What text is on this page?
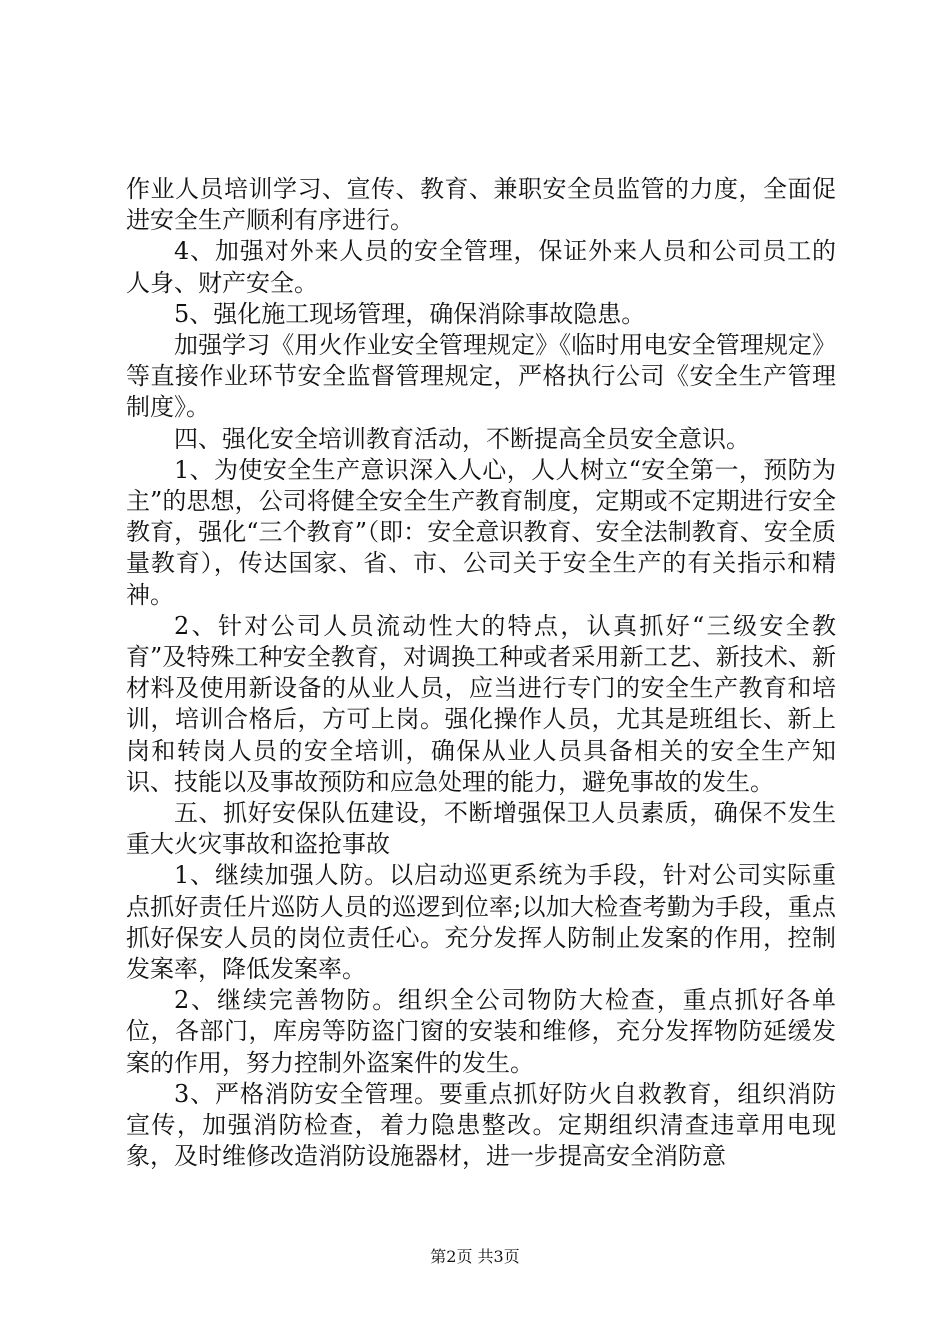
作业人员培训学习、宣传、教育、兼职安全员监管的力度，全面促进安全生产顺利有序进行。

4、加强对外来人员的安全管理，保证外来人员和公司员工的人身、财产安全。

5、强化施工现场管理，确保消除事故隐患。

加强学习《用火作业安全管理规定》《临时用电安全管理规定》等直接作业环节安全监督管理规定，严格执行公司《安全生产管理制度》。

四、强化安全培训教育活动，不断提高全员安全意识。

1、为使安全生产意识深入人心，人人树立“安全第一，预防为主”的思想，公司将健全安全生产教育制度，定期或不定期进行安全教育，强化“三个教育”（即：安全意识教育、安全法制教育、安全质量教育），传达国家、省、市、公司关于安全生产的有关指示和精神。

2、针对公司人员流动性大的特点，认真抓好“三级安全教育”及特殊工种安全教育，对调换工种或者采用新工艺、新技术、新材料及使用新设备的从业人员，应当进行专门的安全生产教育和培训，培训合格后，方可上岗。强化操作人员，尤其是班组长、新上岗和转岗人员的安全培训，确保从业人员具备相关的安全生产知识、技能以及事故预防和应急处理的能力，避免事故的发生。

五、抓好安保队伍建设，不断增强保卫人员素质，确保不发生重大火灾事故和盗抢事故

1、继续加强人防。以启动巡更系统为手段，针对公司实际重点抓好责任片巡防人员的巡逻到位率;以加大检查考勤为手段，重点抓好保安人员的岗位责任心。充分发挥人防制止发案的作用，控制发案率，降低发案率。

2、继续完善物防。组织全公司物防大检查，重点抓好各单位，各部门，库房等防盗门窗的安装和维修，充分发挥物防延缓发案的作用，努力控制外盗案件的发生。

3、严格消防安全管理。要重点抓好防火自救教育，组织消防宣传，加强消防检查，着力隐患整改。定期组织清查违章用电现象，及时维修改造消防设施器材，进一步提高安全消防意

第2页 共3页
